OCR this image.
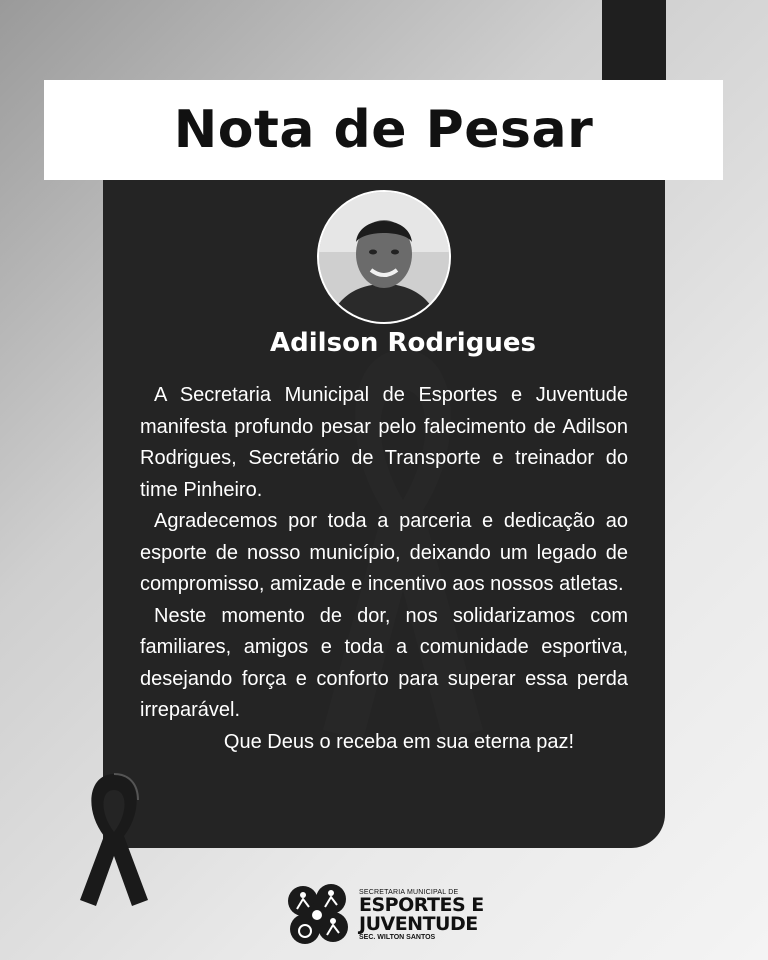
Nota de Pesar
Adilson Rodrigues

A Secretaria Municipal de Esportes e Juventude manifesta profundo pesar pelo falecimento de Adilson Rodrigues, Secretário de Transporte e treinador do time Pinheiro.

Agradecemos por toda a parceria e dedicação ao esporte de nosso município, deixando um legado de compromisso, amizade e incentivo aos nossos atletas.

Neste momento de dor, nos solidarizamos com familiares, amigos e toda a comunidade esportiva, desejando força e conforto para superar essa perda irreparável.

Que Deus o receba em sua eterna paz!

SECRETARIA MUNICIPAL DE
ESPORTES E
JUVENTUDE
SEC. WILTON SANTOS
